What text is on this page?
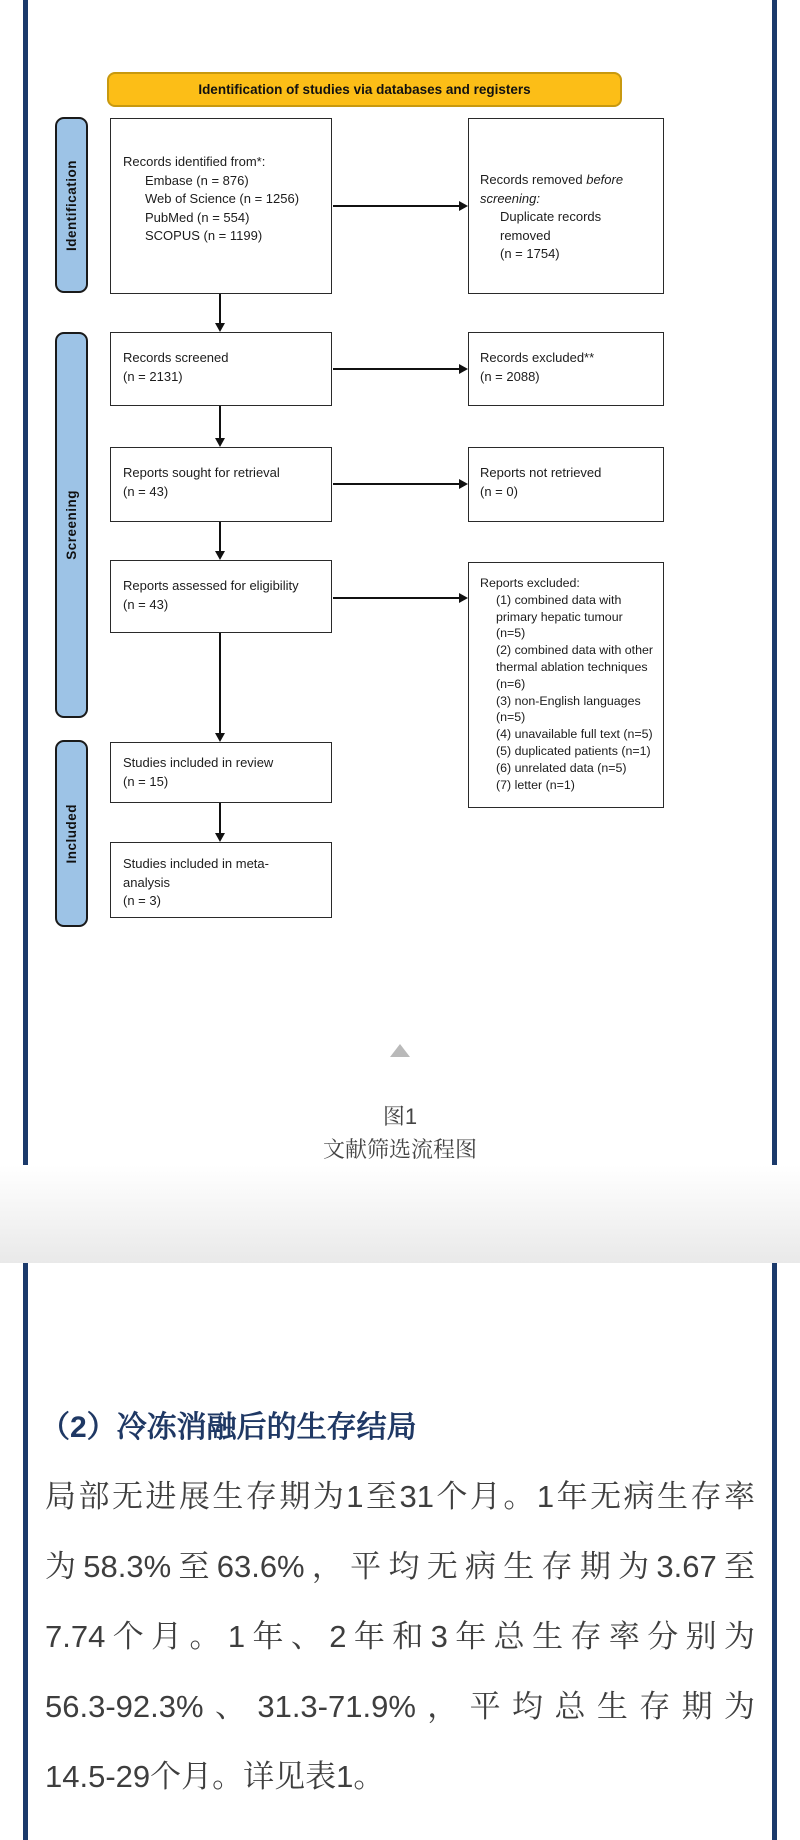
Identification of studies via databases and registers
Identification
Screening
Included
Records identified from*:
Embase (n = 876)
Web of Science (n = 1256)
PubMed (n = 554)
SCOPUS (n = 1199)
Records removed before screening:
Duplicate records removed
(n = 1754)
Records screened
(n = 2131)
Records excluded**
(n = 2088)
Reports sought for retrieval
(n = 43)
Reports not retrieved
(n = 0)
Reports assessed for eligibility
(n = 43)
Reports excluded:
(1) combined data with primary hepatic tumour (n=5)
(2) combined data with other thermal ablation techniques (n=6)
(3) non-English languages (n=5)
(4) unavailable full text (n=5)
(5) duplicated patients (n=1)
(6) unrelated data (n=5)
(7) letter (n=1)
Studies included in review
(n = 15)
Studies included in meta-
analysis
(n = 3)
图1
文献筛选流程图
（2）冷冻消融后的生存结局
局部无进展生存期为1至31个月。1年无病生存率
为58.3%至63.6%，平均无病生存期为3.67至
7.74个月。1年、2年和3年总生存率分别为
56.3-92.3%、31.3-71.9%，平均总生存期为
14.5-29个月。详见表1。
